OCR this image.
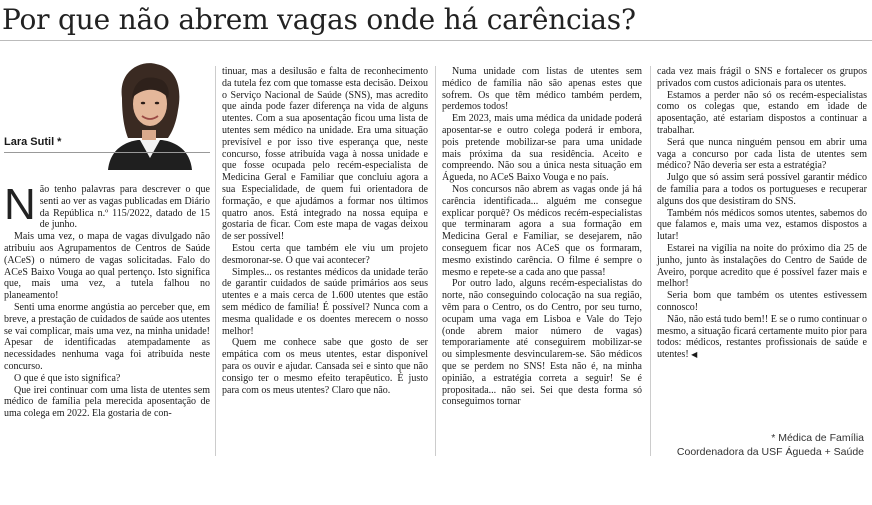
Por que não abrem vagas onde há carências?
Lara Sutil *

Não tenho palavras para descrever o que senti ao ver as vagas publicadas em Diário da República n.º 115/2022, datado de 15 de junho.

Mais uma vez, o mapa de vagas divulgado não atribuiu aos Agrupamentos de Centros de Saúde (ACeS) o número de vagas solicitadas. Falo do ACeS Baixo Vouga ao qual pertenço. Isto significa que, mais uma vez, a tutela falhou no planeamento!

Senti uma enorme angústia ao perceber que, em breve, a prestação de cuidados de saúde aos utentes se vai complicar, mais uma vez, na minha unidade! Apesar de identificadas atempadamente as necessidades nenhuma vaga foi atribuída neste concurso.

O que é que isto significa?

Que irei continuar com uma lista de utentes sem médico de família pela merecida aposentação de uma colega em 2022. Ela gostaria de con-

tinuar, mas a desilusão e falta de reconhecimento da tutela fez com que tomasse esta decisão. Deixou o Serviço Nacional de Saúde (SNS), mas acredito que ainda pode fazer diferença na vida de alguns utentes. Com a sua aposentação ficou uma lista de utentes sem médico na unidade. Era uma situação previsível e por isso tive esperança que, neste concurso, fosse atribuída vaga à nossa unidade e que fosse ocupada pelo recém-especialista de Medicina Geral e Familiar que concluiu agora a sua Especialidade, de quem fui orientadora de formação, e que ajudámos a formar nos últimos quatro anos. Está integrado na nossa equipa e gostaria de ficar. Com este mapa de vagas deixou de ser possível!

Estou certa que também ele viu um projeto desmoronar-se. O que vai acontecer?

Simples... os restantes médicos da unidade terão de garantir cuidados de saúde primários aos seus utentes e a mais cerca de 1.600 utentes que estão sem médico de família! É possível? Nunca com a mesma qualidade e os doentes merecem o nosso melhor!

Quem me conhece sabe que gosto de ser empática com os meus utentes, estar disponível para os ouvir e ajudar. Cansada sei e sinto que não consigo ter o mesmo efeito terapêutico. É justo para com os meus utentes? Claro que não.

Numa unidade com listas de utentes sem médico de família não são apenas estes que sofrem. Os que têm médico também perdem, perdemos todos!

Em 2023, mais uma médica da unidade poderá aposentar-se e outro colega poderá ir embora, pois pretende mobilizar-se para uma unidade mais próxima da sua residência. Aceito e compreendo. Não sou a única nesta situação em Águeda, no ACeS Baixo Vouga e no país.

Nos concursos não abrem as vagas onde já há carência identificada... alguém me consegue explicar porquê? Os médicos recém-especialistas que terminaram agora a sua formação em Medicina Geral e Familiar, se desejarem, não conseguem ficar nos ACeS que os formaram, mesmo existindo carência. O filme é sempre o mesmo e repete-se a cada ano que passa!

Por outro lado, alguns recém-especialistas do norte, não conseguindo colocação na sua região, vêm para o Centro, os do Centro, por seu turno, ocupam uma vaga em Lisboa e Vale do Tejo (onde abrem maior número de vagas) temporariamente até conseguirem mobilizar-se ou simplesmente desvincularem-se. São médicos que se perdem no SNS! Esta não é, na minha opinião, a estratégia correta a seguir! Se é propositada... não sei. Sei que desta forma só conseguimos tornar

cada vez mais frágil o SNS e fortalecer os grupos privados com custos adicionais para os utentes.

Estamos a perder não só os recém-especialistas como os colegas que, estando em idade de aposentação, até estariam dispostos a continuar a trabalhar.

Será que nunca ninguém pensou em abrir uma vaga a concurso por cada lista de utentes sem médico? Não deveria ser esta a estratégia?

Julgo que só assim será possível garantir médico de família para a todos os portugueses e recuperar alguns dos que desistiram do SNS.

Também nós médicos somos utentes, sabemos do que falamos e, mais uma vez, estamos dispostos a lutar!

Estarei na vigília na noite do próximo dia 25 de junho, junto às instalações do Centro de Saúde de Aveiro, porque acredito que é possível fazer mais e melhor!

Seria bom que também os utentes estivessem connosco!

Não, não está tudo bem!! E se o rumo continuar o mesmo, a situação ficará certamente muito pior para todos: médicos, restantes profissionais de saúde e utentes! ◀

* Médica de Família
Coordenadora da USF Águeda + Saúde
